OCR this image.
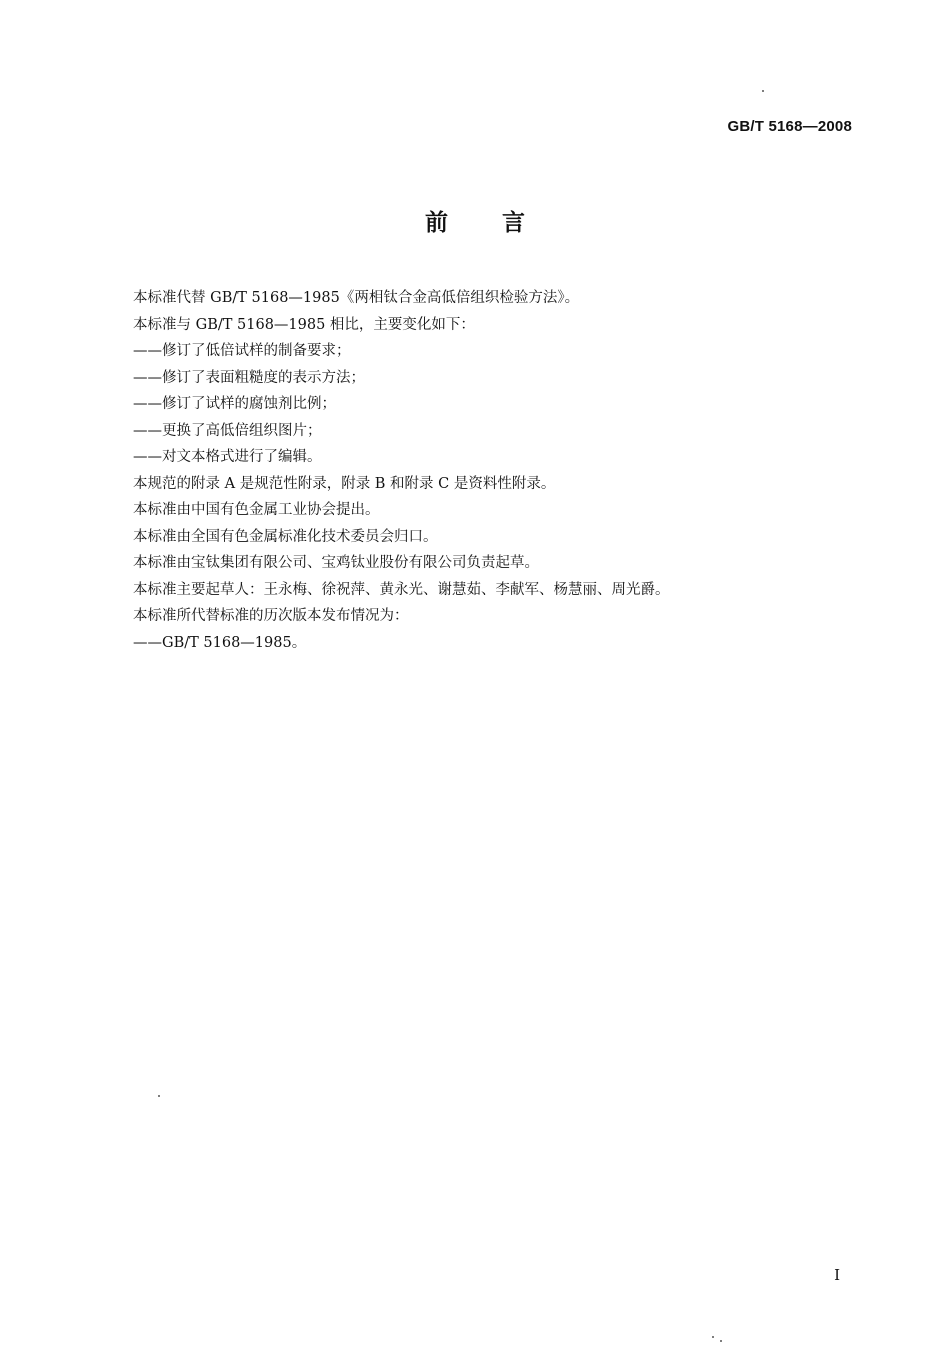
GB/T 5168—2008
前言
本标准代替 GB/T 5168—1985《两相钛合金高低倍组织检验方法》。
本标准与 GB/T 5168—1985 相比，主要变化如下：
——修订了低倍试样的制备要求；
——修订了表面粗糙度的表示方法；
——修订了试样的腐蚀剂比例；
——更换了高低倍组织图片；
——对文本格式进行了编辑。
本规范的附录 A 是规范性附录，附录 B 和附录 C 是资料性附录。
本标准由中国有色金属工业协会提出。
本标准由全国有色金属标准化技术委员会归口。
本标准由宝钛集团有限公司、宝鸡钛业股份有限公司负责起草。
本标准主要起草人：王永梅、徐祝萍、黄永光、谢慧茹、李献军、杨慧丽、周光爵。
本标准所代替标准的历次版本发布情况为：
——GB/T 5168—1985。
I
